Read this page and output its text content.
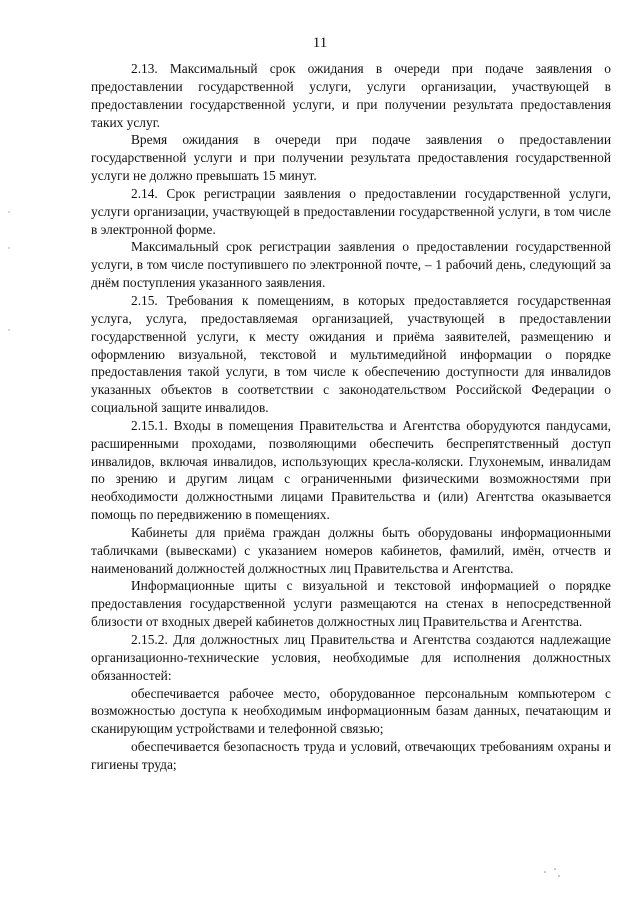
11

2.13. Максимальный срок ожидания в очереди при подаче заявления о предоставлении государственной услуги, услуги организации, участвующей в предоставлении государственной услуги, и при получении результата предоставления таких услуг.

Время ожидания в очереди при подаче заявления о предоставлении государственной услуги и при получении результата предоставления государственной услуги не должно превышать 15 минут.

2.14. Срок регистрации заявления о предоставлении государственной услуги, услуги организации, участвующей в предоставлении государственной услуги, в том числе в электронной форме.

Максимальный срок регистрации заявления о предоставлении государственной услуги, в том числе поступившего по электронной почте, – 1 рабочий день, следующий за днём поступления указанного заявления.

2.15. Требования к помещениям, в которых предоставляется государственная услуга, услуга, предоставляемая организацией, участвующей в предоставлении государственной услуги, к месту ожидания и приёма заявителей, размещению и оформлению визуальной, текстовой и мультимедийной информации о порядке предоставления такой услуги, в том числе к обеспечению доступности для инвалидов указанных объектов в соответствии с законодательством Российской Федерации о социальной защите инвалидов.

2.15.1. Входы в помещения Правительства и Агентства оборудуются пандусами, расширенными проходами, позволяющими обеспечить беспрепятственный доступ инвалидов, включая инвалидов, использующих кресла-коляски. Глухонемым, инвалидам по зрению и другим лицам с ограниченными физическими возможностями при необходимости должностными лицами Правительства и (или) Агентства оказывается помощь по передвижению в помещениях.

Кабинеты для приёма граждан должны быть оборудованы информационными табличками (вывесками) с указанием номеров кабинетов, фамилий, имён, отчеств и наименований должностей должностных лиц Правительства и Агентства.

Информационные щиты с визуальной и текстовой информацией о порядке предоставления государственной услуги размещаются на стенах в непосредственной близости от входных дверей кабинетов должностных лиц Правительства и Агентства.

2.15.2. Для должностных лиц Правительства и Агентства создаются надлежащие организационно-технические условия, необходимые для исполнения должностных обязанностей:

обеспечивается рабочее место, оборудованное персональным компьютером с возможностью доступа к необходимым информационным базам данных, печатающим и сканирующим устройствами и телефонной связью;

обеспечивается безопасность труда и условий, отвечающих требованиям охраны и гигиены труда;
